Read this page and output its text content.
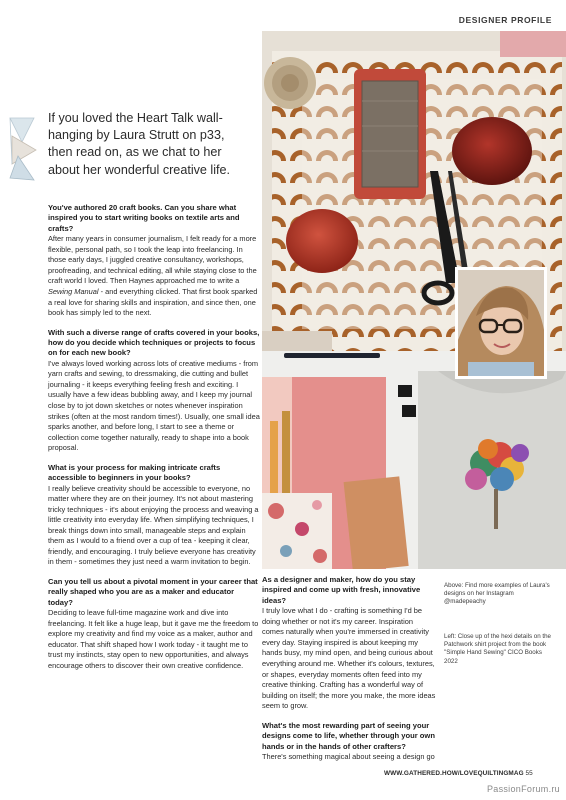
DESIGNER PROFILE
If you loved the Heart Talk wall-hanging by Laura Strutt on p33, then read on, as we chat to her about her wonderful creative life.
You've authored 20 craft books. Can you share what inspired you to start writing books on textile arts and crafts?

After many years in consumer journalism, I felt ready for a more flexible, personal path, so I took the leap into freelancing. In those early days, I juggled creative consultancy, workshops, proofreading, and technical editing, all while staying close to the craft world I loved. Then Haynes approached me to write a Sewing Manual - and everything clicked. That first book sparked a real love for sharing skills and inspiration, and since then, one book has simply led to the next.

With such a diverse range of crafts covered in your books, how do you decide which techniques or projects to focus on for each new book?

I've always loved working across lots of creative mediums - from yarn crafts and sewing, to dressmaking, die cutting and bullet journaling - it keeps everything feeling fresh and exciting. I usually have a few ideas bubbling away, and I keep my journal close by to jot down sketches or notes whenever inspiration strikes (often at the most random times!). Usually, one small idea sparks another, and before long, I start to see a theme or collection come together naturally, ready to shape into a book proposal.

What is your process for making intricate crafts accessible to beginners in your books?

I really believe creativity should be accessible to everyone, no matter where they are on their journey. It's not about mastering tricky techniques - it's about enjoying the process and weaving a little creativity into everyday life. When simplifying techniques, I break things down into small, manageable steps and explain them as I would to a friend over a cup of tea - keeping it clear, friendly, and encouraging. I truly believe everyone has creativity in them - sometimes they just need a warm invitation to begin.

Can you tell us about a pivotal moment in your career that really shaped who you are as a maker and educator today?

Deciding to leave full-time magazine work and dive into freelancing. It felt like a huge leap, but it gave me the freedom to explore my creativity and find my voice as a maker, author and educator. That shift shaped how I work today - it taught me to trust my instincts, stay open to new opportunities, and always encourage others to discover their own creative confidence.

As a designer and maker, how do you stay inspired and come up with fresh, innovative ideas?

I truly love what I do - crafting is something I'd be doing whether or not it's my career. Inspiration comes naturally when you're immersed in creativity every day. Staying inspired is about keeping my hands busy, my mind open, and being curious about everything around me. Whether it's colours, textures, or shapes, everyday moments often feed into my creative thinking. Crafting has a wonderful way of building on itself; the more you make, the more ideas seem to grow.

What's the most rewarding part of seeing your designs come to life, whether through your own hands or in the hands of other crafters?

There's something magical about seeing a design go

Above: Find more examples of Laura's designs on her Instagram @madepeachy
Left: Close up of the hexi details on the Patchwork shirt project from the book "Simple Hand Sewing" CICO Books 2022
WWW.GATHERED.HOW/LOVEQUILTINGMAG 55
PassionForum.ru
